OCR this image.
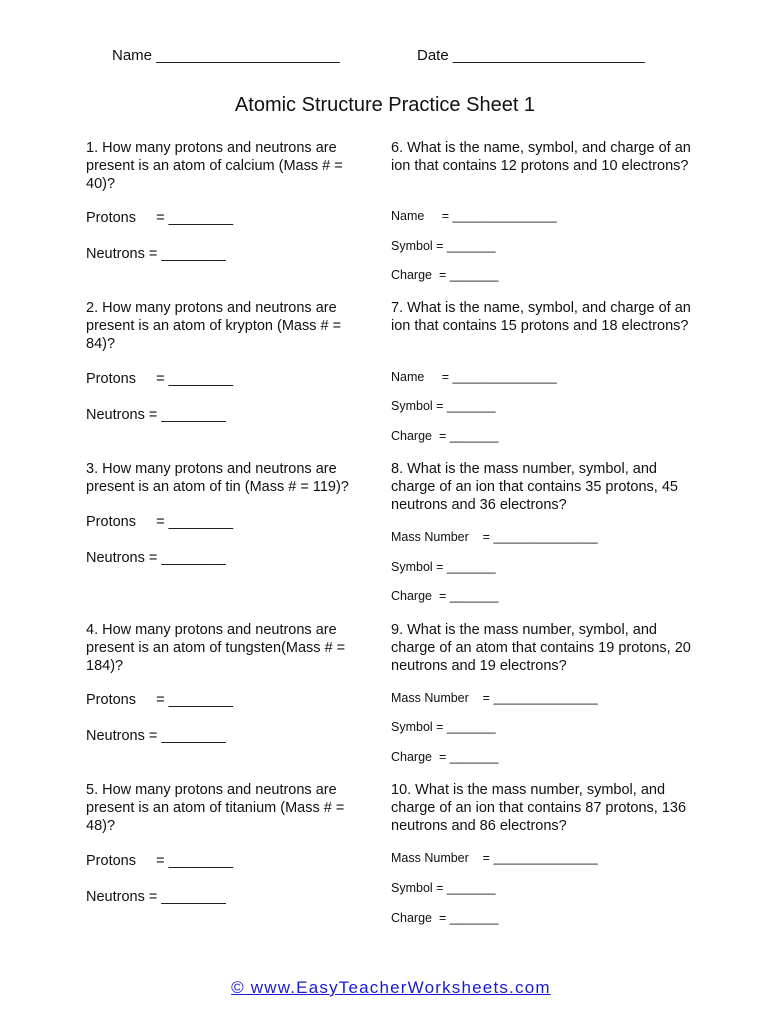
Name ______________________	Date _______________________
Atomic Structure Practice Sheet 1
1. How many protons and neutrons are present is an atom of calcium (Mass # = 40)?
Protons     = ________
Neutrons = ________
2. How many protons and neutrons are present is an atom of krypton (Mass # = 84)?
Protons     = ________
Neutrons = ________
3. How many protons and neutrons are present is an atom of tin (Mass # = 119)?
Protons     = ________
Neutrons = ________
4. How many protons and neutrons are present is an atom of tungsten(Mass # = 184)?
Protons     = ________
Neutrons = ________
5. How many protons and neutrons are present is an atom of titanium (Mass # = 48)?
Protons     = ________
Neutrons = ________
6. What is the name, symbol, and charge of an ion that contains 12 protons and 10 electrons?
Name     = _______________
Symbol = _______
Charge  = _______
7. What is the name, symbol, and charge of an ion that contains 15 protons and 18 electrons?
Name     = _______________
Symbol = _______
Charge  = _______
8. What is the mass number, symbol, and charge of an ion that contains 35 protons, 45 neutrons and 36 electrons?
Mass Number    = _______________
Symbol = _______
Charge  = _______
9. What is the mass number, symbol, and charge of an atom that contains 19 protons, 20 neutrons and 19 electrons?
Mass Number    = _______________
Symbol = _______
Charge  = _______
10. What is the mass number, symbol, and charge of an ion that contains 87 protons, 136 neutrons and 86 electrons?
Mass Number    = _______________
Symbol = _______
Charge  = _______

© www.EasyTeacherWorksheets.com
